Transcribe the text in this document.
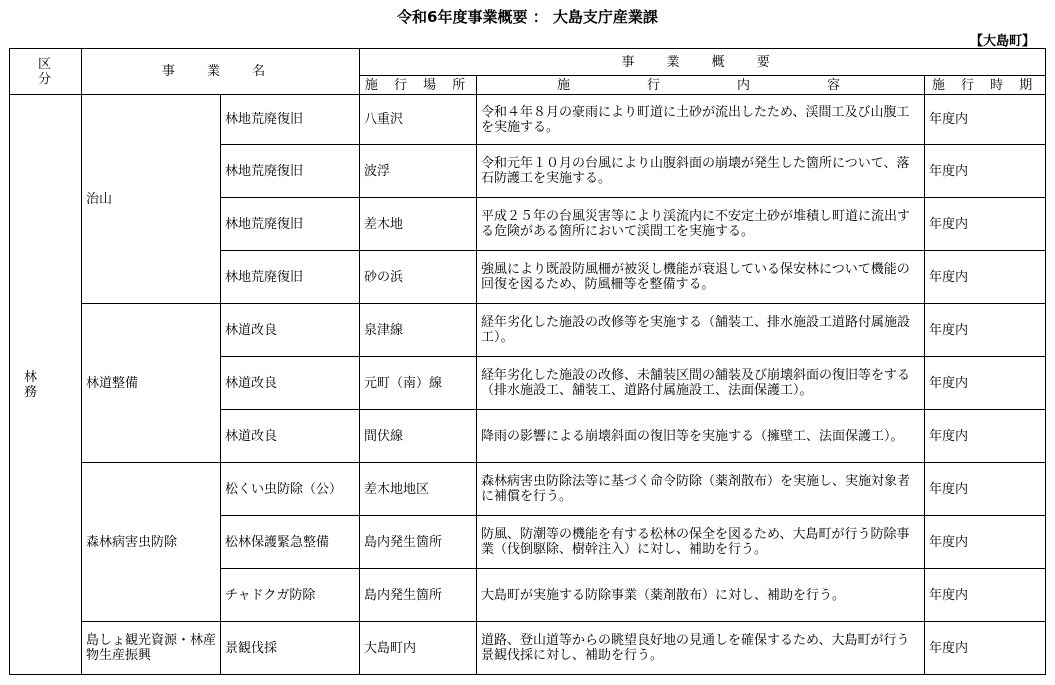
令和6年度事業概要 ： 大島支庁産業課
【大島町】
区 分	事 業 名		事 業 概 要		
			施 行 場 所	施 行 内 容	施 行 時 期
林 務	治山	林地荒廃復旧	八重沢	令和４年８月の豪雨により町道に土砂が流出したため、渓間工及び山腹工を実施する。	年度内
		林地荒廃復旧	波浮	令和元年１０月の台風により山腹斜面の崩壊が発生した箇所について、落石防護工を実施する。	年度内
		林地荒廃復旧	差木地	平成２５年の台風災害等により渓流内に不安定土砂が堆積し町道に流出する危険がある箇所において渓間工を実施する。	年度内
		林地荒廃復旧	砂の浜	強風により既設防風柵が被災し機能が衰退している保安林について機能の回復を図るため、防風柵等を整備する。	年度内
	林道整備	林道改良	泉津線	経年劣化した施設の改修等を実施する（舗装工、排水施設工道路付属施設工）。	年度内
		林道改良	元町（南）線	経年劣化した施設の改修、未舗装区間の舗装及び崩壊斜面の復旧等をする（排水施設工、舗装工、道路付属施設工、法面保護工）。	年度内
		林道改良	間伏線	降雨の影響による崩壊斜面の復旧等を実施する（擁壁工、法面保護工）。	年度内
	森林病害虫防除	松くい虫防除（公）	差木地地区	森林病害虫防除法等に基づく命令防除（薬剤散布）を実施し、実施対象者に補償を行う。	年度内
		松林保護緊急整備	島内発生箇所	防風、防潮等の機能を有する松林の保全を図るため、大島町が行う防除事業（伐倒駆除、樹幹注入）に対し、補助を行う。	年度内
		チャドクガ防除	島内発生箇所	大島町が実施する防除事業（薬剤散布）に対し、補助を行う。	年度内
	島しょ観光資源・林産物生産振興	景観伐採	大島町内	道路、登山道等からの眺望良好地の見通しを確保するため、大島町が行う景観伐採に対し、補助を行う。	年度内
